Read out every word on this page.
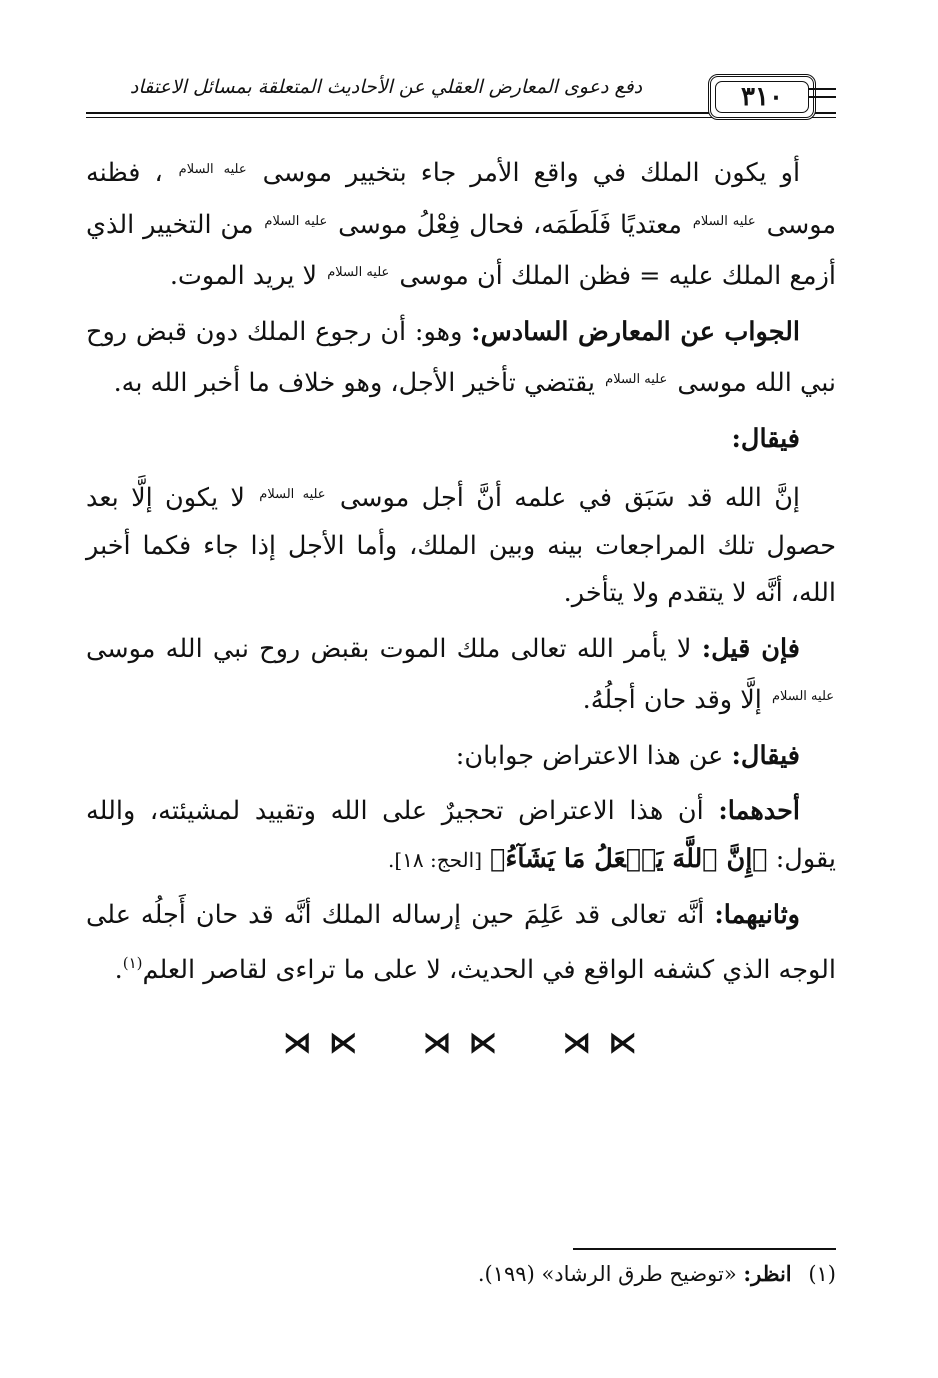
دفع دعوى المعارض العقلي عن الأحاديث المتعلقة بمسائل الاعتقاد	٣١٠

أو يكون الملك في واقع الأمر جاء بتخيير موسى $^{عليه السلام}$ ، فظنه موسى $^{عليه السلام}$ معتديًا فَلَطَمَه، فحال فِعْلُ موسى $^{عليه السلام}$ من التخيير الذي أزمع الملك عليه = فظن الملك أن موسى $^{عليه السلام}$ لا يريد الموت.

الجواب عن المعارض السادس: وهو: أن رجوع الملك دون قبض روح نبي الله موسى $^{عليه السلام}$ يقتضي تأخير الأجل، وهو خلاف ما أخبر الله به.

فيقال:

إنَّ الله قد سَبَق في علمه أنَّ أجل موسى $^{عليه السلام}$ لا يكون إلَّا بعد حصول تلك المراجعات بينه وبين الملك، وأما الأجل إذا جاء فكما أخبر الله، أنَّه لا يتقدم ولا يتأخر.

فإن قيل: لا يأمر الله تعالى ملك الموت بقبض روح نبي الله موسى $^{عليه السلام}$ إلَّا وقد حان أجلُهُ.

فيقال: عن هذا الاعتراض جوابان:

أحدهما: أن هذا الاعتراض تحجيرٌ على الله وتقييد لمشيئته، والله يقول: ﴿إِنَّ ٱللَّهَ يَفۡعَلُ مَا يَشَآءُ﴾ [الحج: ١٨].

وثانيهما: أنَّه تعالى قد عَلِمَ حين إرساله الملك أنَّه قد حان أَجلُه على الوجه الذي كشفه الواقع في الحديث، لا على ما تراءى لقاصر العلم$^{(١)}$.

⋊⋉ ⋊⋉ ⋊⋉
(١) انظر: «توضيح طرق الرشاد» (١٩٩).
